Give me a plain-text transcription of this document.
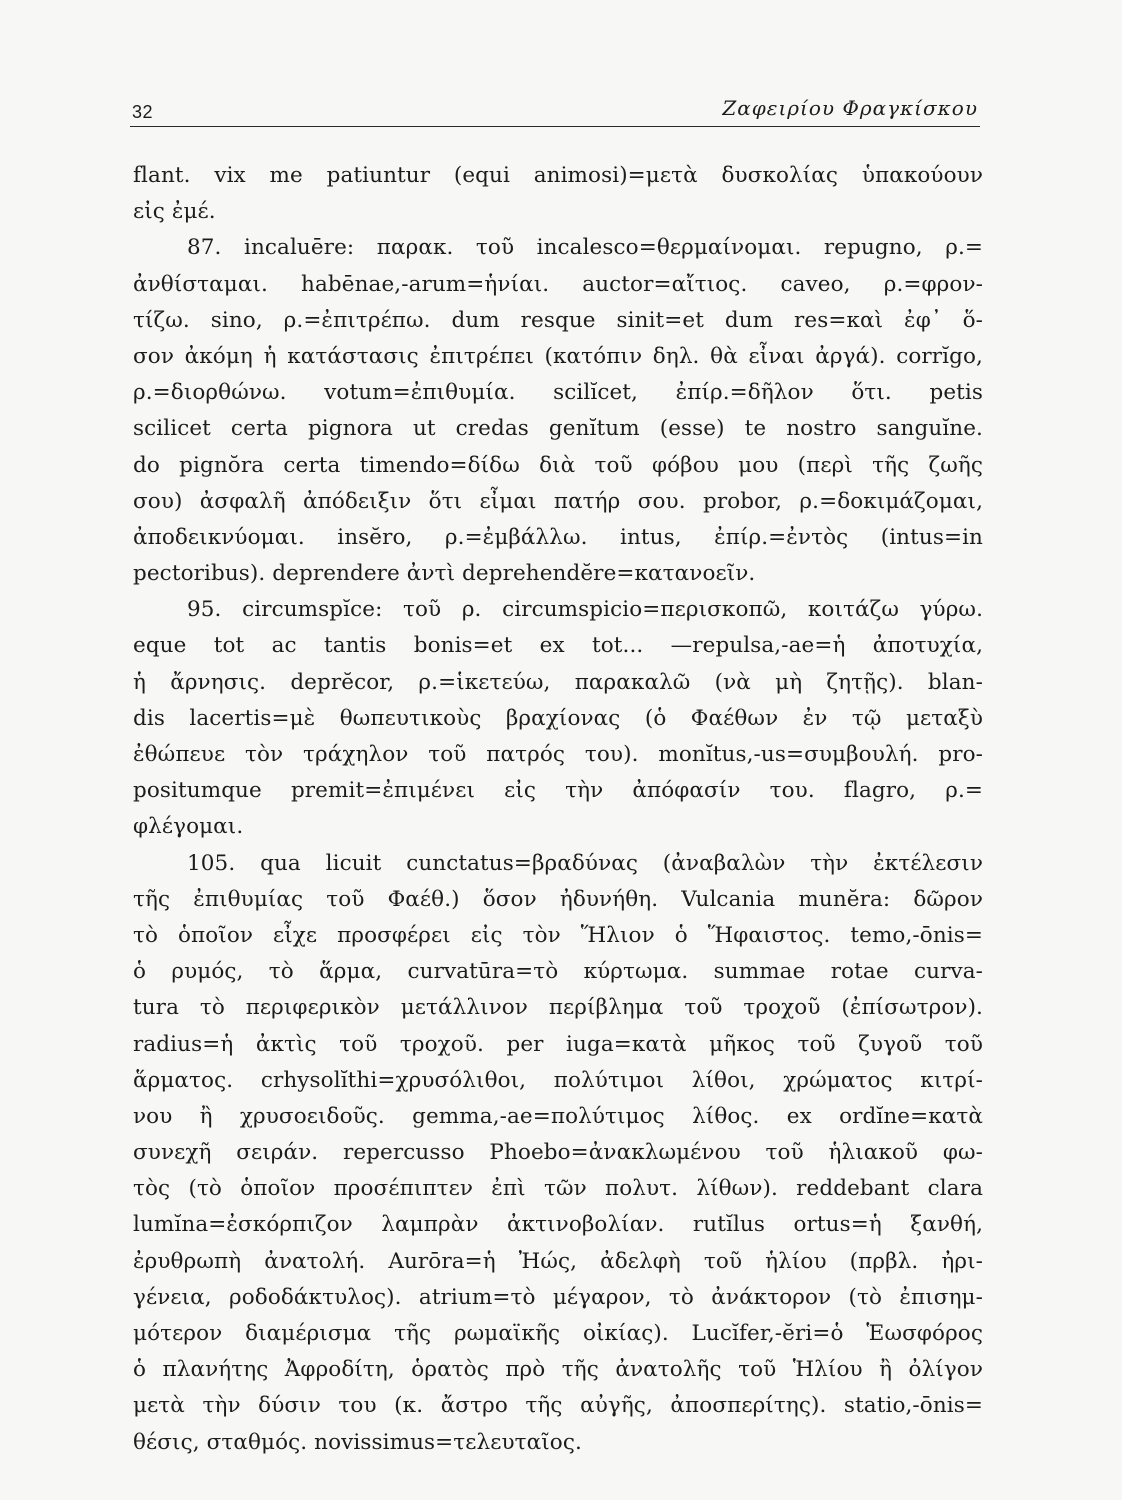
32	Ζαφειρίου Φραγκίσκου
flant. vix me patiuntur (equi animosi)=μετὰ δυσκολίας ὑπακούουν
εἰς ἐμέ.
87. incaluēre: παρακ. τοῦ incalesco=θερμαίνομαι. repugno, ρ.=
ἀνθίσταμαι. habēnae,-arum=ἡνίαι. auctor=αἴτιος. caveo, ρ.=φρον-
τίζω. sino, ρ.=ἐπιτρέπω. dum resque sinit=et dum res=καὶ ἐφ᾽ ὅ-
σον ἀκόμη ἡ κατάστασις ἐπιτρέπει (κατόπιν δηλ. θὰ εἶναι ἀργά). corrĭgo,
ρ.=διορθώνω. votum=ἐπιθυμία. scilĭcet, ἐπίρ.=δῆλον ὅτι. petis
scilicet certa pignora ut credas genĭtum (esse) te nostro sanguĭne.
do pignŏra certa timendo=δίδω διὰ τοῦ φόβου μου (περὶ τῆς ζωῆς
σου) ἀσφαλῆ ἀπόδειξιν ὅτι εἶμαι πατήρ σου. probor, ρ.=δοκιμάζομαι,
ἀποδεικνύομαι. insĕro, ρ.=ἐμβάλλω. intus, ἐπίρ.=ἐντὸς (intus=in
pectoribus). deprendere ἀντὶ deprehendĕre=κατανοεῖν.
95. circumspĭce: τοῦ ρ. circumspicio=περισκοπῶ, κοιτάζω γύρω.
eque tot ac tantis bonis=et ex tot... —repulsa,-ae=ἡ ἀποτυχία,
ἡ ἄρνησις. deprĕcor, ρ.=ἱκετεύω, παρακαλῶ (νὰ μὴ ζητῇς). blan-
dis lacertis=μὲ θωπευτικοὺς βραχίονας (ὁ Φαέθων ἐν τῷ μεταξὺ
ἐθώπευε τὸν τράχηλον τοῦ πατρός του). monĭtus,-us=συμβουλή. pro-
positumque premit=ἐπιμένει εἰς τὴν ἀπόφασίν του. flagro, ρ.=
φλέγομαι.
105. qua licuit cunctatus=βραδύνας (ἀναβαλὼν τὴν ἐκτέλεσιν
τῆς ἐπιθυμίας τοῦ Φαέθ.) ὅσον ἠδυνήθη. Vulcania munĕra: δῶρον
τὸ ὁποῖον εἶχε προσφέρει εἰς τὸν Ἥλιον ὁ Ἥφαιστος. temo,-ōnis=
ὁ ρυμός, τὸ ἅρμα, curvatūra=τὸ κύρτωμα. summae rotae curva-
tura τὸ περιφερικὸν μετάλλινον περίβλημα τοῦ τροχοῦ (ἐπίσωτρον).
radius=ἡ ἀκτὶς τοῦ τροχοῦ. per iuga=κατὰ μῆκος τοῦ ζυγοῦ τοῦ
ἅρματος. crhysolĭthi=χρυσόλιθοι, πολύτιμοι λίθοι, χρώματος κιτρί-
νου ἢ χρυσοειδοῦς. gemma,-ae=πολύτιμος λίθος. ex ordĭne=κατὰ
συνεχῆ σειράν. repercusso Phoebo=ἀνακλωμένου τοῦ ἡλιακοῦ φω-
τὸς (τὸ ὁποῖον προσέπιπτεν ἐπὶ τῶν πολυτ. λίθων). reddebant clara
lumĭna=ἐσκόρπιζον λαμπρὰν ἀκτινοβολίαν. rutĭlus ortus=ἡ ξανθή,
ἐρυθρωπὴ ἀνατολή. Aurōra=ἡ Ἠώς, ἀδελφὴ τοῦ ἡλίου (πρβλ. ἠρι-
γένεια, ροδοδάκτυλος). atrium=τὸ μέγαρον, τὸ ἀνάκτορον (τὸ ἐπισημ-
μότερον διαμέρισμα τῆς ρωμαϊκῆς οἰκίας). Lucĭfer,-ĕri=ὁ Ἑωσφόρος
ὁ πλανήτης Ἀφροδίτη, ὁρατὸς πρὸ τῆς ἀνατολῆς τοῦ Ἡλίου ἢ ὀλίγον
μετὰ τὴν δύσιν του (κ. ἄστρο τῆς αὐγῆς, ἀποσπερίτης). statio,-ōnis=
θέσις, σταθμός. novissimus=τελευταῖος.
